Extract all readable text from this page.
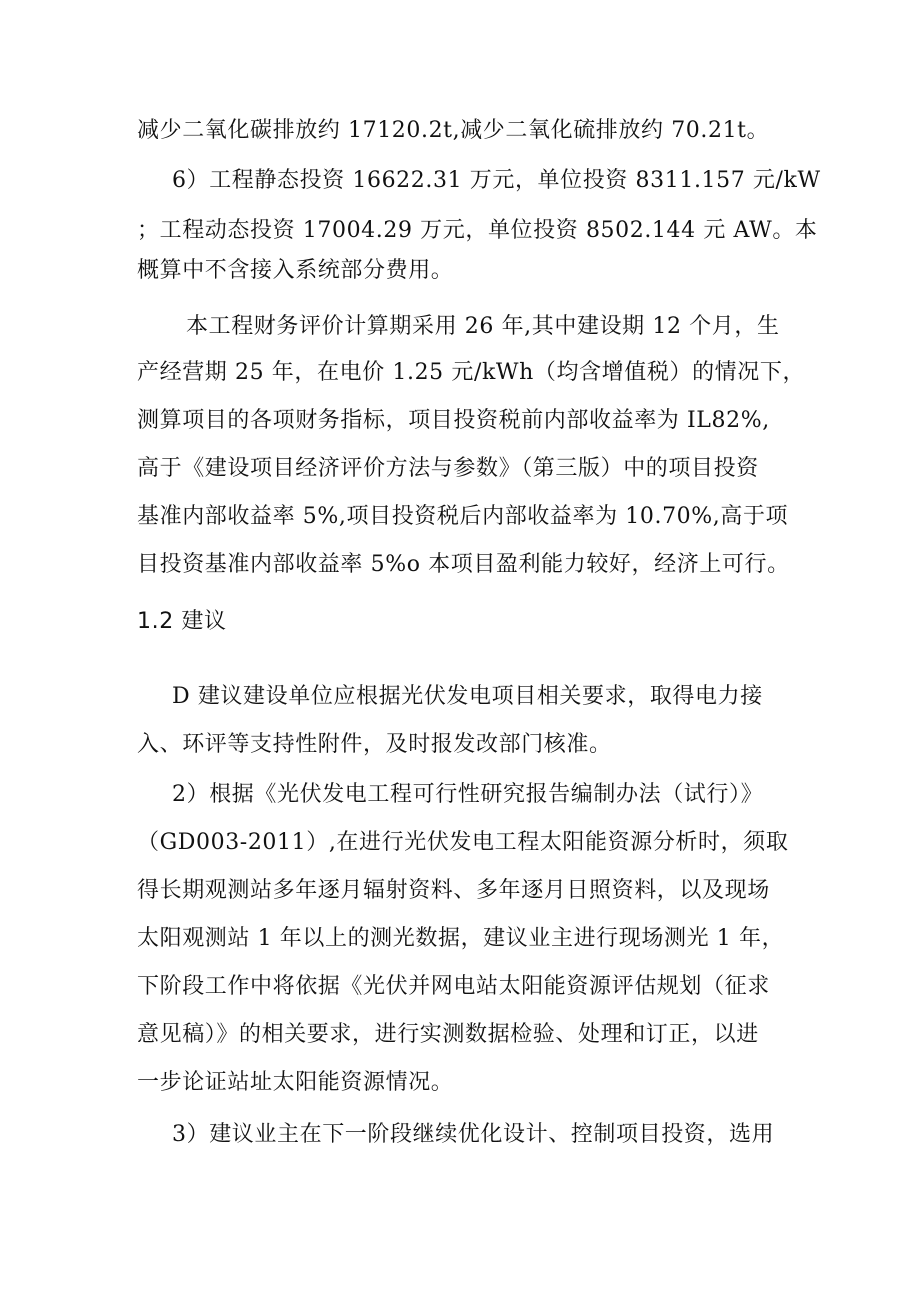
减少二氧化碳排放约 17120.2t,减少二氧化硫排放约 70.21t。
6）工程静态投资 16622.31 万元，单位投资 8311.157 元/kW
；工程动态投资 17004.29 万元，单位投资 8502.144 元 AW。本
概算中不含接入系统部分费用。
本工程财务评价计算期采用 26 年,其中建设期 12 个月，生
产经营期 25 年，在电价 1.25 元/kWh（均含增值税）的情况下，
测算项目的各项财务指标，项目投资税前内部收益率为 IL82%,
高于《建设项目经济评价方法与参数》（第三版）中的项目投资
基准内部收益率 5%,项目投资税后内部收益率为 10.70%,高于项
目投资基准内部收益率 5%o 本项目盈利能力较好，经济上可行。
1.2 建议
D 建议建设单位应根据光伏发电项目相关要求，取得电力接
入、环评等支持性附件，及时报发改部门核准。
2）根据《光伏发电工程可行性研究报告编制办法（试行）》
（GD003-2011）,在进行光伏发电工程太阳能资源分析时，须取
得长期观测站多年逐月辐射资料、多年逐月日照资料，以及现场
太阳观测站 1 年以上的测光数据，建议业主进行现场测光 1 年，
下阶段工作中将依据《光伏并网电站太阳能资源评估规划（征求
意见稿）》的相关要求，进行实测数据检验、处理和订正，以进
一步论证站址太阳能资源情况。
3）建议业主在下一阶段继续优化设计、控制项目投资，选用
